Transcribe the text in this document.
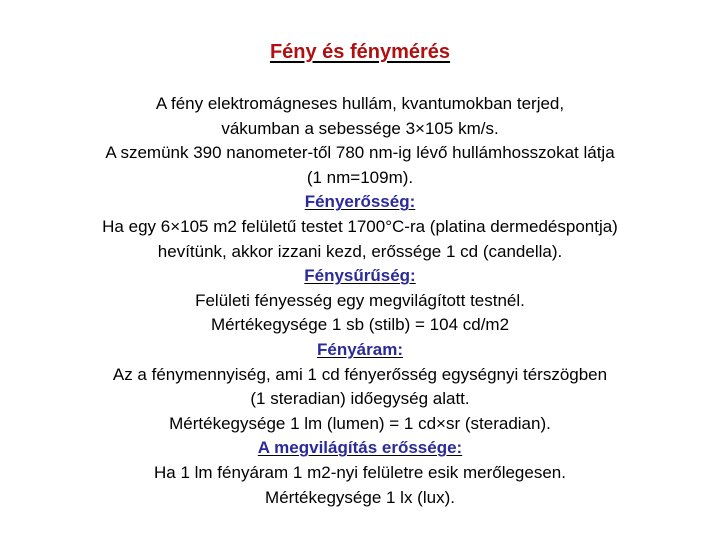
Fény és fénymérés
A fény elektromágneses hullám, kvantumokban terjed,
vákumban a sebessége 3×105 km/s.
A szemünk 390 nanometer-től 780 nm-ig lévő hullámhosszokat látja
(1 nm=109m).
Fényerősség:
Ha egy 6×105 m2 felületű testet 1700°C-ra (platina dermedéspontja)
hevítünk, akkor izzani kezd, erőssége 1 cd (candella).
Fénysűrűség:
Felületi fényesség egy megvilágított testnél.
Mértékegysége 1 sb (stilb) = 104 cd/m2
Fényáram:
Az a fénymennyiség, ami 1 cd fényerősség egységnyi térszögben
(1 steradian) időegység alatt.
Mértékegysége 1 lm (lumen) = 1 cd×sr (steradian).
A megvilágítás erőssége:
Ha 1 lm fényáram 1 m2-nyi felületre esik merőlegesen.
Mértékegysége 1 lx (lux).
